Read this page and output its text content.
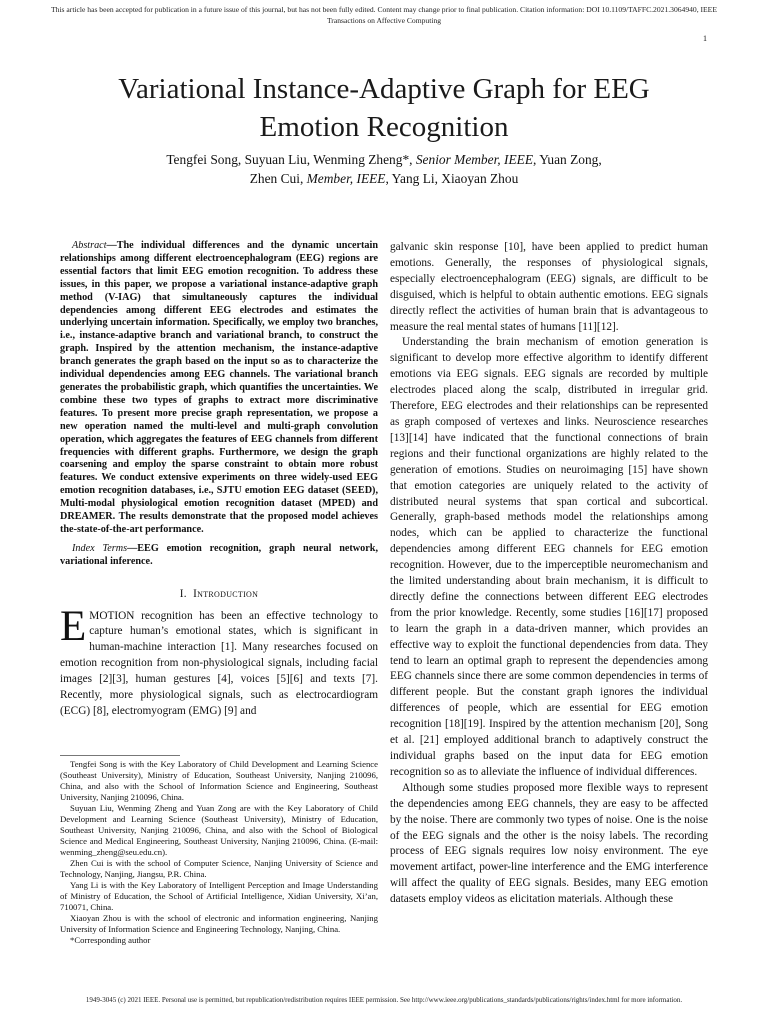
This article has been accepted for publication in a future issue of this journal, but has not been fully edited. Content may change prior to final publication. Citation information: DOI 10.1109/TAFFC.2021.3064940, IEEE
Transactions on Affective Computing
1
Variational Instance-Adaptive Graph for EEG
Emotion Recognition
Tengfei Song, Suyuan Liu, Wenming Zheng*, Senior Member, IEEE, Yuan Zong,
Zhen Cui, Member, IEEE, Yang Li, Xiaoyan Zhou

Abstract—The individual differences and the dynamic uncertain relationships among different electroencephalogram (EEG) regions are essential factors that limit EEG emotion recognition. To address these issues, in this paper, we propose a variational instance-adaptive graph method (V-IAG) that simultaneously captures the individual dependencies among different EEG electrodes and estimates the underlying uncertain information. Specifically, we employ two branches, i.e., instance-adaptive branch and variational branch, to construct the graph. Inspired by the attention mechanism, the instance-adaptive branch generates the graph based on the input so as to characterize the individual dependencies among EEG channels. The variational branch generates the probabilistic graph, which quantifies the uncertainties. We combine these two types of graphs to extract more discriminative features. To present more precise graph representation, we propose a new operation named the multi-level and multi-graph convolution operation, which aggregates the features of EEG channels from different frequencies with different graphs. Furthermore, we design the graph coarsening and employ the sparse constraint to obtain more robust features. We conduct extensive experiments on three widely-used EEG emotion recognition databases, i.e., SJTU emotion EEG dataset (SEED), Multi-modal physiological emotion recognition dataset (MPED) and DREAMER. The results demonstrate that the proposed model achieves the-state-of-the-art performance.

Index Terms—EEG emotion recognition, graph neural network, variational inference.

I. Introduction

EMOTION recognition has been an effective technology to capture human’s emotional states, which is significant in human-machine interaction [1]. Many researches focused on emotion recognition from non-physiological signals, including facial images [2][3], human gestures [4], voices [5][6] and texts [7]. Recently, more physiological signals, such as electrocardiogram (ECG) [8], electromyogram (EMG) [9] and

Tengfei Song is with the Key Laboratory of Child Development and Learning Science (Southeast University), Ministry of Education, Southeast University, Nanjing 210096, China, and also with the School of Information Science and Engineering, Southeast University, Nanjing 210096, China.

Suyuan Liu, Wenming Zheng and Yuan Zong are with the Key Laboratory of Child Development and Learning Science (Southeast University), Ministry of Education, Southeast University, Nanjing 210096, China, and also with the School of Biological Science and Medical Engineering, Southeast University, Nanjing 210096, China. (E-mail: wenming_zheng@seu.edu.cn).

Zhen Cui is with the school of Computer Science, Nanjing University of Science and Technology, Nanjing, Jiangsu, P.R. China.

Yang Li is with the Key Laboratory of Intelligent Perception and Image Understanding of Ministry of Education, the School of Artificial Intelligence, Xidian University, Xi’an, 710071, China.

Xiaoyan Zhou is with the school of electronic and information engineering, Nanjing University of Information Science and Engineering Technology, Nanjing, China.

*Corresponding author

galvanic skin response [10], have been applied to predict human emotions. Generally, the responses of physiological signals, especially electroencephalogram (EEG) signals, are difficult to be disguised, which is helpful to obtain authentic emotions. EEG signals directly reflect the activities of human brain that is advantageous to measure the real mental states of humans [11][12].

Understanding the brain mechanism of emotion generation is significant to develop more effective algorithm to identify different emotions via EEG signals. EEG signals are recorded by multiple electrodes placed along the scalp, distributed in irregular grid. Therefore, EEG electrodes and their relationships can be represented as graph composed of vertexes and links. Neuroscience researches [13][14] have indicated that the functional connections of brain regions and their functional organizations are highly related to the generation of emotions. Studies on neuroimaging [15] have shown that emotion categories are uniquely related to the activity of distributed neural systems that span cortical and subcortical. Generally, graph-based methods model the relationships among nodes, which can be applied to characterize the functional dependencies among different EEG channels for EEG emotion recognition. However, due to the imperceptible neuromechanism and the limited understanding about brain mechanism, it is difficult to directly define the connections between different EEG electrodes from the prior knowledge. Recently, some studies [16][17] proposed to learn the graph in a data-driven manner, which provides an effective way to exploit the functional dependencies from data. They tend to learn an optimal graph to represent the dependencies among EEG channels since there are some common dependencies in terms of different people. But the constant graph ignores the individual differences of people, which are essential for EEG emotion recognition [18][19]. Inspired by the attention mechanism [20], Song et al. [21] employed additional branch to adaptively construct the individual graphs based on the input data for EEG emotion recognition so as to alleviate the influence of individual differences.

Although some studies proposed more flexible ways to represent the dependencies among EEG channels, they are easy to be affected by the noise. There are commonly two types of noise. One is the noise of the EEG signals and the other is the noisy labels. The recording process of EEG signals requires low noisy environment. The eye movement artifact, power-line interference and the EMG interference will affect the quality of EEG signals. Besides, many EEG emotion datasets employ videos as elicitation materials. Although these

1949-3045 (c) 2021 IEEE. Personal use is permitted, but republication/redistribution requires IEEE permission. See http://www.ieee.org/publications_standards/publications/rights/index.html for more information.
